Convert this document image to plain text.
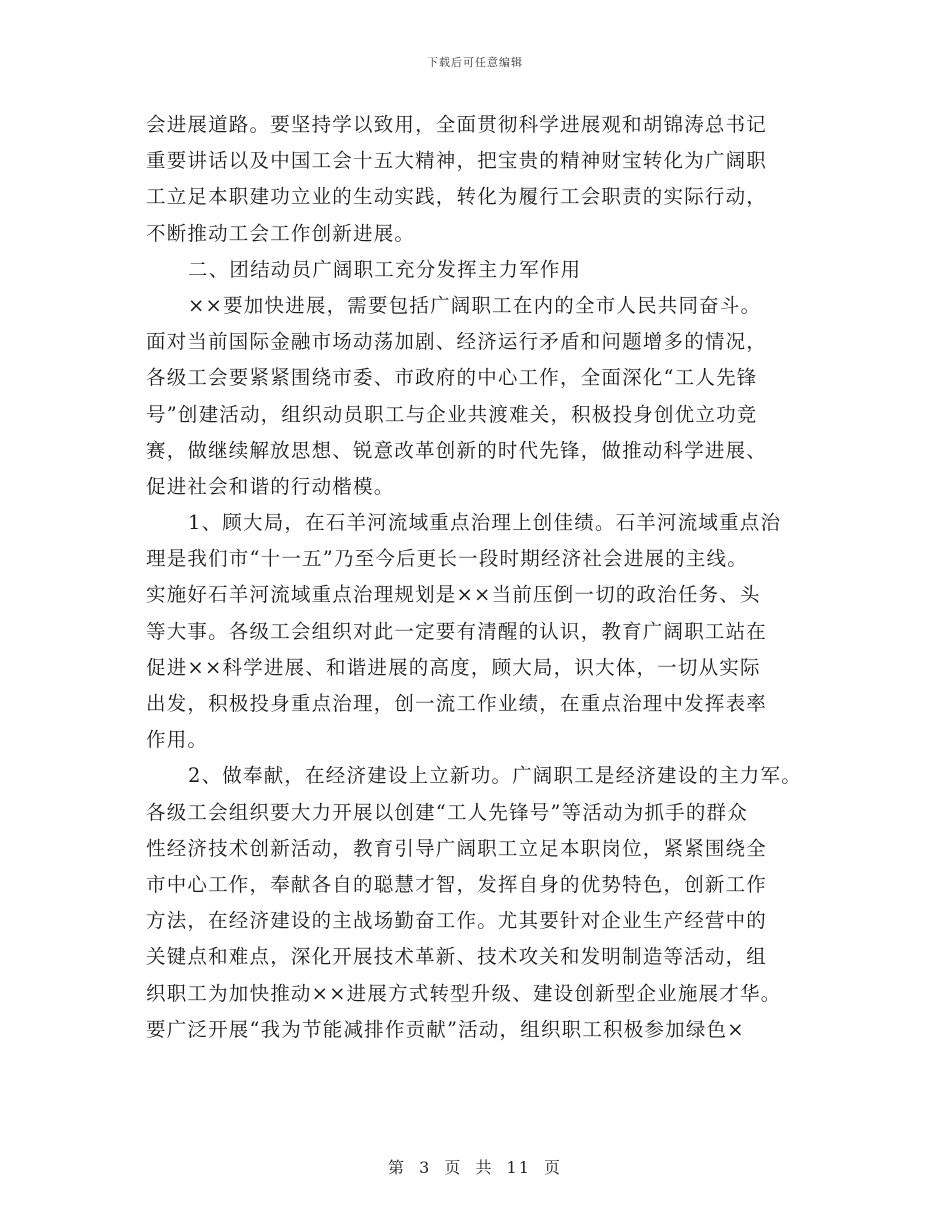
下载后可任意编辑
会进展道路。要坚持学以致用，全面贯彻科学进展观和胡锦涛总书记
重要讲话以及中国工会十五大精神，把宝贵的精神财宝转化为广阔职
工立足本职建功立业的生动实践，转化为履行工会职责的实际行动，
不断推动工会工作创新进展。
二、团结动员广阔职工充分发挥主力军作用
××要加快进展，需要包括广阔职工在内的全市人民共同奋斗。
面对当前国际金融市场动荡加剧、经济运行矛盾和问题增多的情况，
各级工会要紧紧围绕市委、市政府的中心工作，全面深化“工人先锋
号”创建活动，组织动员职工与企业共渡难关，积极投身创优立功竞
赛，做继续解放思想、锐意改革创新的时代先锋，做推动科学进展、
促进社会和谐的行动楷模。
1、顾大局，在石羊河流域重点治理上创佳绩。石羊河流域重点治
理是我们市“十一五”乃至今后更长一段时期经济社会进展的主线。
实施好石羊河流域重点治理规划是××当前压倒一切的政治任务、头
等大事。各级工会组织对此一定要有清醒的认识，教育广阔职工站在
促进××科学进展、和谐进展的高度，顾大局，识大体，一切从实际
出发，积极投身重点治理，创一流工作业绩，在重点治理中发挥表率
作用。
2、做奉献，在经济建设上立新功。广阔职工是经济建设的主力军。
各级工会组织要大力开展以创建“工人先锋号”等活动为抓手的群众
性经济技术创新活动，教育引导广阔职工立足本职岗位，紧紧围绕全
市中心工作，奉献各自的聪慧才智，发挥自身的优势特色，创新工作
方法，在经济建设的主战场勤奋工作。尤其要针对企业生产经营中的
关键点和难点，深化开展技术革新、技术攻关和发明制造等活动，组
织职工为加快推动××进展方式转型升级、建设创新型企业施展才华。
要广泛开展“我为节能减排作贡献”活动，组织职工积极参加绿色×
第 3 页 共 11 页
